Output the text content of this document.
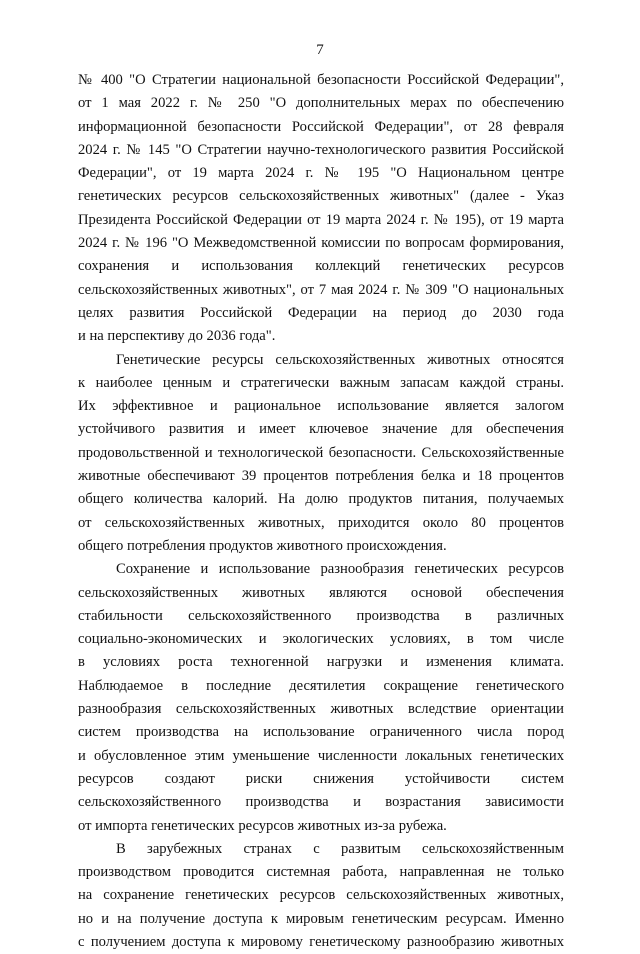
7
№ 400 "О Стратегии национальной безопасности Российской Федерации",
от 1 мая 2022 г. № 250 "О дополнительных мерах по обеспечению
информационной безопасности Российской Федерации", от 28 февраля
2024 г. № 145 "О Стратегии научно-технологического развития Российской
Федерации", от 19 марта 2024 г. № 195 "О Национальном центре
генетических ресурсов сельскохозяйственных животных" (далее - Указ
Президента Российской Федерации от 19 марта 2024 г. № 195), от 19 марта
2024 г. № 196 "О Межведомственной комиссии по вопросам формирования,
сохранения и использования коллекций генетических ресурсов
сельскохозяйственных животных", от 7 мая 2024 г. № 309 "О национальных
целях развития Российской Федерации на период до 2030 года
и на перспективу до 2036 года".
Генетические ресурсы сельскохозяйственных животных относятся
к наиболее ценным и стратегически важным запасам каждой страны.
Их эффективное и рациональное использование является залогом
устойчивого развития и имеет ключевое значение для обеспечения
продовольственной и технологической безопасности. Сельскохозяйственные
животные обеспечивают 39 процентов потребления белка и 18 процентов
общего количества калорий. На долю продуктов питания, получаемых
от сельскохозяйственных животных, приходится около 80 процентов
общего потребления продуктов животного происхождения.
Сохранение и использование разнообразия генетических ресурсов
сельскохозяйственных животных являются основой обеспечения
стабильности сельскохозяйственного производства в различных
социально-экономических и экологических условиях, в том числе
в условиях роста техногенной нагрузки и изменения климата.
Наблюдаемое в последние десятилетия сокращение генетического
разнообразия сельскохозяйственных животных вследствие ориентации
систем производства на использование ограниченного числа пород
и обусловленное этим уменьшение численности локальных генетических
ресурсов создают риски снижения устойчивости систем
сельскохозяйственного производства и возрастания зависимости
от импорта генетических ресурсов животных из-за рубежа.
В зарубежных странах с развитым сельскохозяйственным
производством проводится системная работа, направленная не только
на сохранение генетических ресурсов сельскохозяйственных животных,
но и на получение доступа к мировым генетическим ресурсам. Именно
с получением доступа к мировому генетическому разнообразию животных
